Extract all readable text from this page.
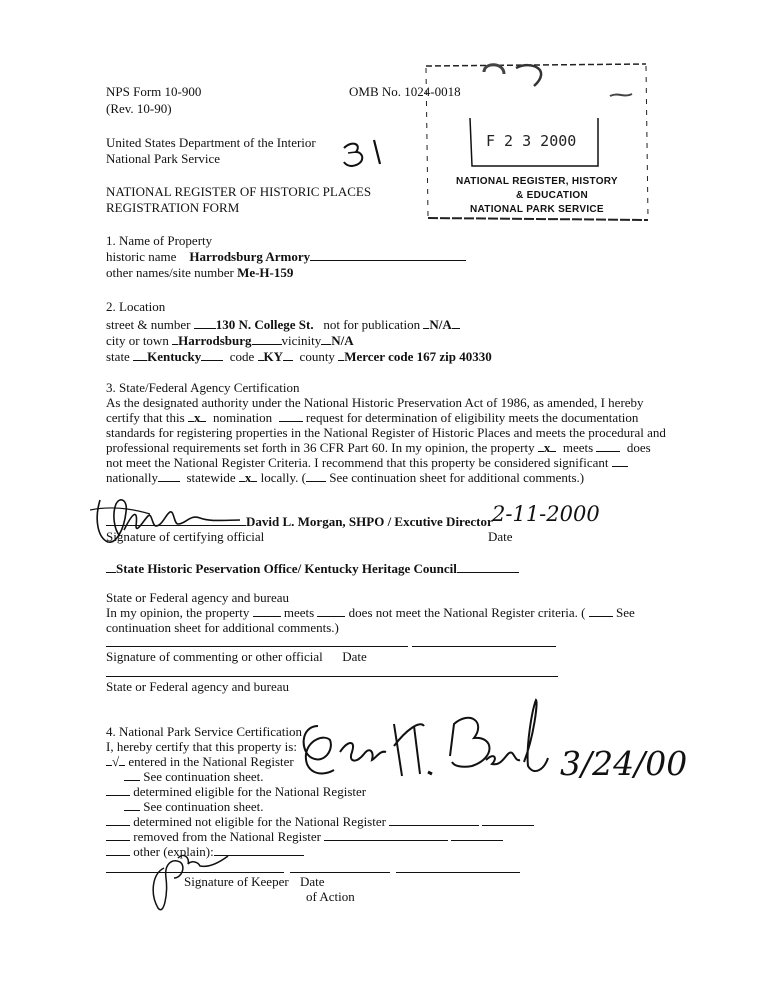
NPS Form 10-900
(Rev. 10-90)
OMB No. 1024-0018
United States Department of the Interior
National Park Service
NATIONAL REGISTER OF HISTORIC PLACES
REGISTRATION FORM
F 2 3 2000
NATIONAL REGISTER, HISTORY
& EDUCATION
NATIONAL PARK SERVICE
1. Name of Property
historic name Harrodsburg Armory
other names/site number Me-H-159
2. Location
street & number 130 N. College St. not for publication N/A
city or town Harrodsburg vicinity N/A
state Kentucky code KY county Mercer code 167 zip 40330
3. State/Federal Agency Certification
As the designated authority under the National Historic Preservation Act of 1986, as amended, I hereby
certify that this x nomination	request for determination of eligibility meets the documentation
standards for registering properties in the National Register of Historic Places and meets the procedural and
professional requirements set forth in 36 CFR Part 60. In my opinion, the property x meets	does
not meet the National Register Criteria. I recommend that this property be considered significant
nationally statewide x locally. ( See continuation sheet for additional comments.)
David L. Morgan, SHPO / Excutive Director 2-11-2000
Signature of certifying official	Date
State Historic Peservation Office/ Kentucky Heritage Council
State or Federal agency and bureau
In my opinion, the property	meets	does not meet the National Register criteria. ( See
continuation sheet for additional comments.)
Signature of commenting or other official Date
State or Federal agency and bureau
4. National Park Service Certification
I, hereby certify that this property is:
√ entered in the National Register
See continuation sheet.
determined eligible for the National Register
See continuation sheet.
determined not eligible for the National Register
removed from the National Register
other (explain):
Signature of Keeper Date
of Action
3/24/00
